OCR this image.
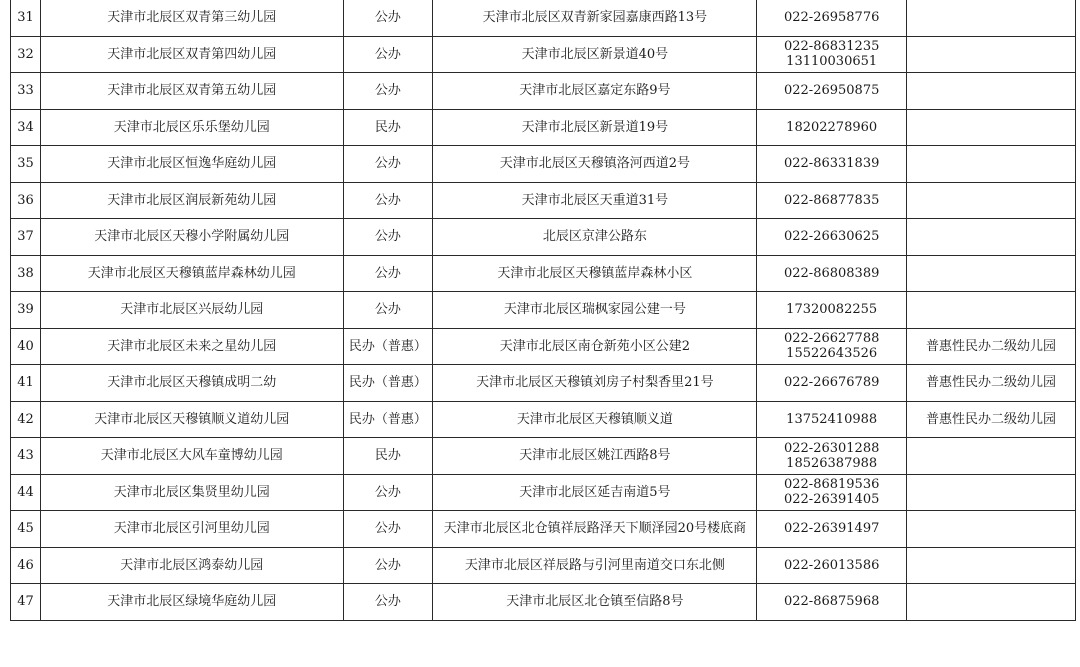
31	天津市北辰区双青第三幼儿园	公办	天津市北辰区双青新家园嘉康西路13号	022-26958776	

32	天津市北辰区双青第四幼儿园	公办	天津市北辰区新景道40号	022-86831235
13110030651	

33	天津市北辰区双青第五幼儿园	公办	天津市北辰区嘉定东路9号	022-26950875	

34	天津市北辰区乐乐堡幼儿园	民办	天津市北辰区新景道19号	18202278960	

35	天津市北辰区恒逸华庭幼儿园	公办	天津市北辰区天穆镇洛河西道2号	022-86331839	

36	天津市北辰区润辰新苑幼儿园	公办	天津市北辰区天重道31号	022-86877835	

37	天津市北辰区天穆小学附属幼儿园	公办	北辰区京津公路东	022-26630625	

38	天津市北辰区天穆镇蓝岸森林幼儿园	公办	天津市北辰区天穆镇蓝岸森林小区	022-86808389	

39	天津市北辰区兴辰幼儿园	公办	天津市北辰区瑞枫家园公建一号	17320082255	

40	天津市北辰区未来之星幼儿园	民办（普惠）	天津市北辰区南仓新苑小区公建2	022-26627788
15522643526	普惠性民办二级幼儿园
41	天津市北辰区天穆镇成明二幼	民办（普惠）	天津市北辰区天穆镇刘房子村梨香里21号	022-26676789	普惠性民办二级幼儿园
42	天津市北辰区天穆镇顺义道幼儿园	民办（普惠）	天津市北辰区天穆镇顺义道	13752410988	普惠性民办二级幼儿园
43	天津市北辰区大风车童博幼儿园	民办	天津市北辰区姚江西路8号	022-26301288
18526387988	

44	天津市北辰区集贤里幼儿园	公办	天津市北辰区延吉南道5号	022-86819536
022-26391405	

45	天津市北辰区引河里幼儿园	公办	天津市北辰区北仓镇祥辰路泽天下顺泽园20号楼底商	022-26391497	

46	天津市北辰区鸿泰幼儿园	公办	天津市北辰区祥辰路与引河里南道交口东北侧	022-26013586	

47	天津市北辰区绿境华庭幼儿园	公办	天津市北辰区北仓镇至信路8号	022-86875968	
